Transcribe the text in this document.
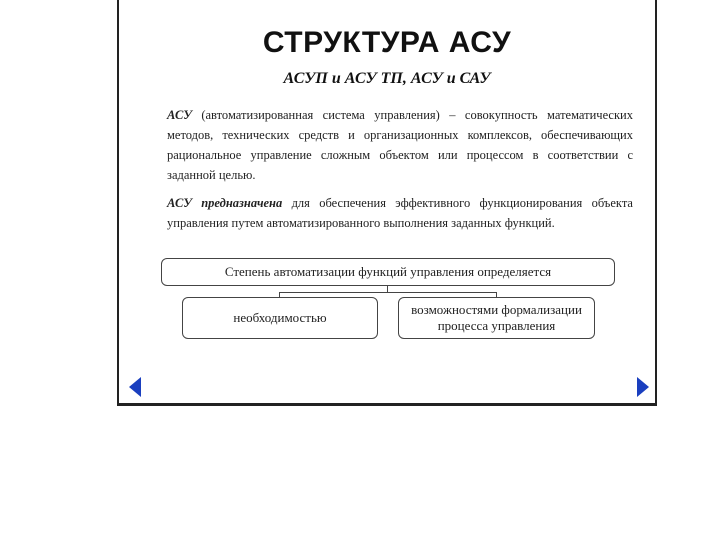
СТРУКТУРА АСУ
АСУП и АСУ ТП, АСУ и САУ
АСУ (автоматизированная система управления) – совокупность математических методов, технических средств и организационных комплексов, обеспечивающих рациональное управление сложным объектом или процессом в соответствии с заданной целью.
АСУ предназначена для обеспечения эффективного функционирования объекта управления путем автоматизированного выполнения заданных функций.
Степень автоматизации функций управления определяется
необходимостью
возможностями формализации процесса управления
